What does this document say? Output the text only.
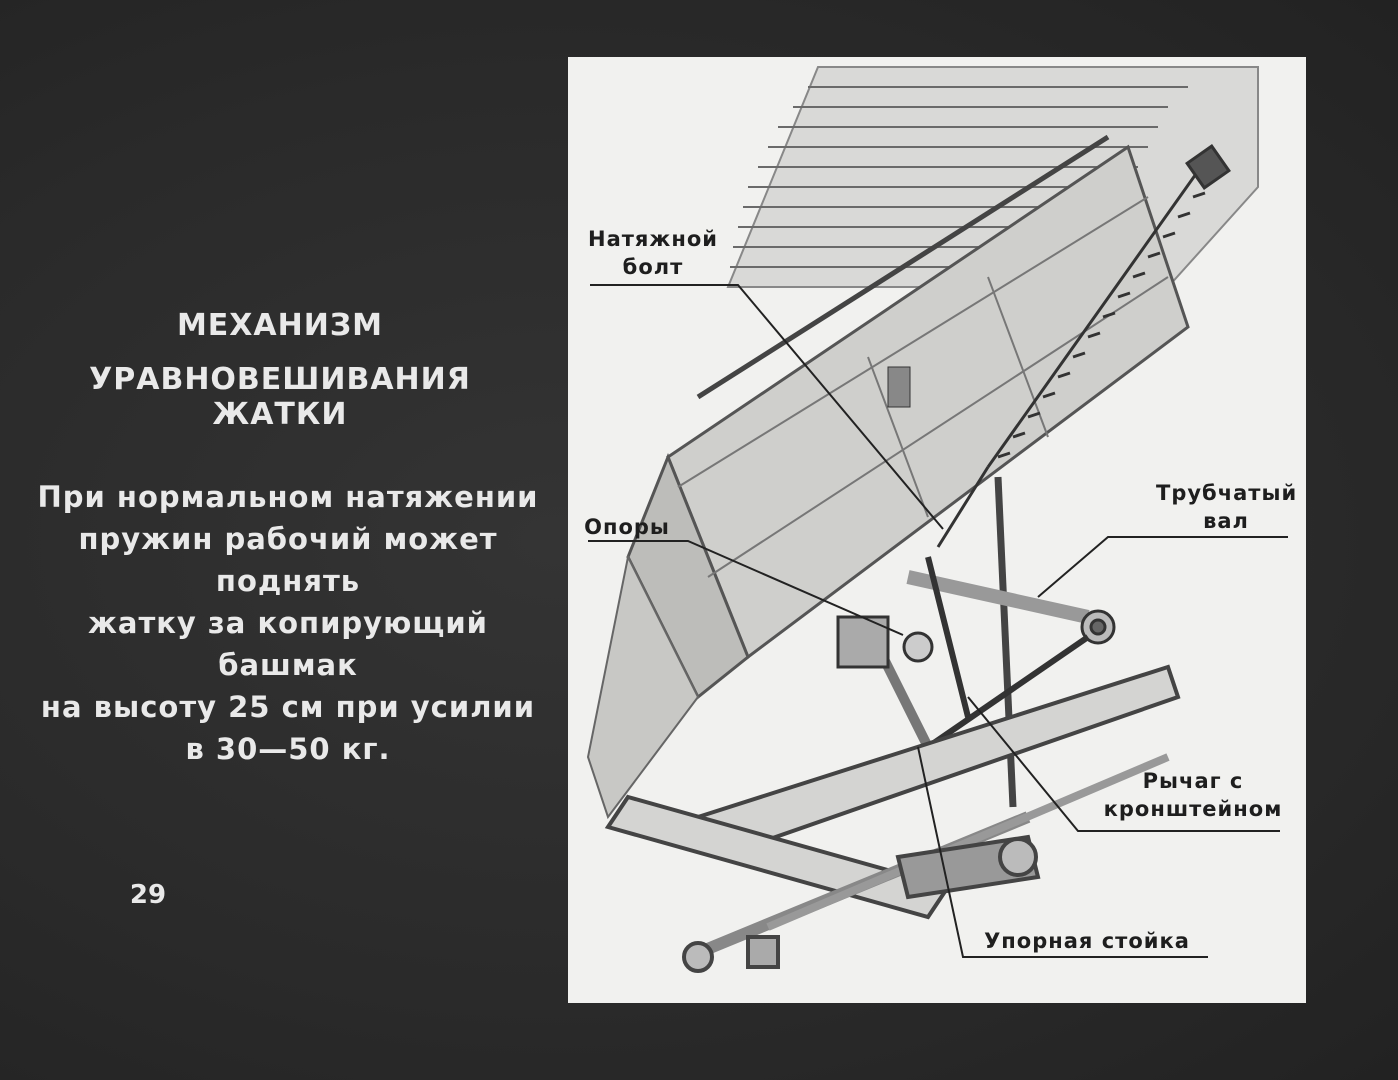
МЕХАНИЗМ
УРАВНОВЕШИВАНИЯ ЖАТКИ
При нормальном натяжении
пружин рабочий может поднять
жатку за копирующий башмак
на высоту 25 см при усилии
в 30—50 кг.
29
Натяжной
болт
Трубчатый
вал
Опоры
Рычаг с
кронштейном
Упорная стойка
